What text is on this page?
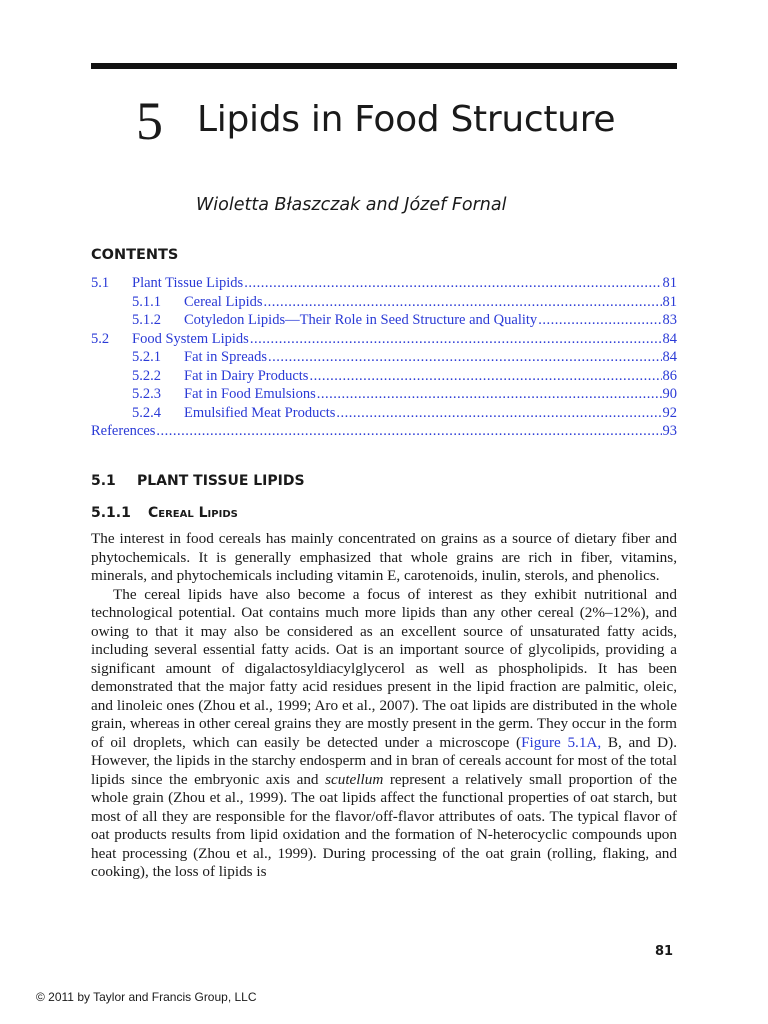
5 Lipids in Food Structure
Wioletta Błaszczak and Józef Fornal
CONTENTS
5.1	Plant Tissue Lipids .....	81
5.1.1	Cereal Lipids .....	81
5.1.2	Cotyledon Lipids—Their Role in Seed Structure and Quality .....	83
5.2	Food System Lipids .....	84
5.2.1	Fat in Spreads .....	84
5.2.2	Fat in Dairy Products .....	86
5.2.3	Fat in Food Emulsions .....	90
5.2.4	Emulsified Meat Products .....	92
References .....	93
5.1 PLANT TISSUE LIPIDS
5.1.1 Cereal Lipids

The interest in food cereals has mainly concentrated on grains as a source of dietary fiber and phytochemicals. It is generally emphasized that whole grains are rich in fiber, vitamins, minerals, and phytochemicals including vitamin E, carotenoids, inulin, sterols, and phenolics.

The cereal lipids have also become a focus of interest as they exhibit nutritional and technological potential. Oat contains much more lipids than any other cereal (2%–12%), and owing to that it may also be considered as an excellent source of unsaturated fatty acids, including several essential fatty acids. Oat is an important source of glycolipids, providing a significant amount of digalactosyldiacylglycerol as well as phospholipids. It has been demonstrated that the major fatty acid residues present in the lipid fraction are palmitic, oleic, and linoleic ones (Zhou et al., 1999; Aro et al., 2007). The oat lipids are distributed in the whole grain, whereas in other cereal grains they are mostly present in the germ. They occur in the form of oil droplets, which can easily be detected under a microscope (Figure 5.1A, B, and D). However, the lipids in the starchy endosperm and in bran of cereals account for most of the total lipids since the embryonic axis and scutellum represent a relatively small proportion of the whole grain (Zhou et al., 1999). The oat lipids affect the functional properties of oat starch, but most of all they are responsible for the flavor/off-flavor attributes of oats. The typical flavor of oat products results from lipid oxidation and the formation of N-heterocyclic compounds upon heat processing (Zhou et al., 1999). During processing of the oat grain (rolling, flaking, and cooking), the loss of lipids is

81
© 2011 by Taylor and Francis Group, LLC
